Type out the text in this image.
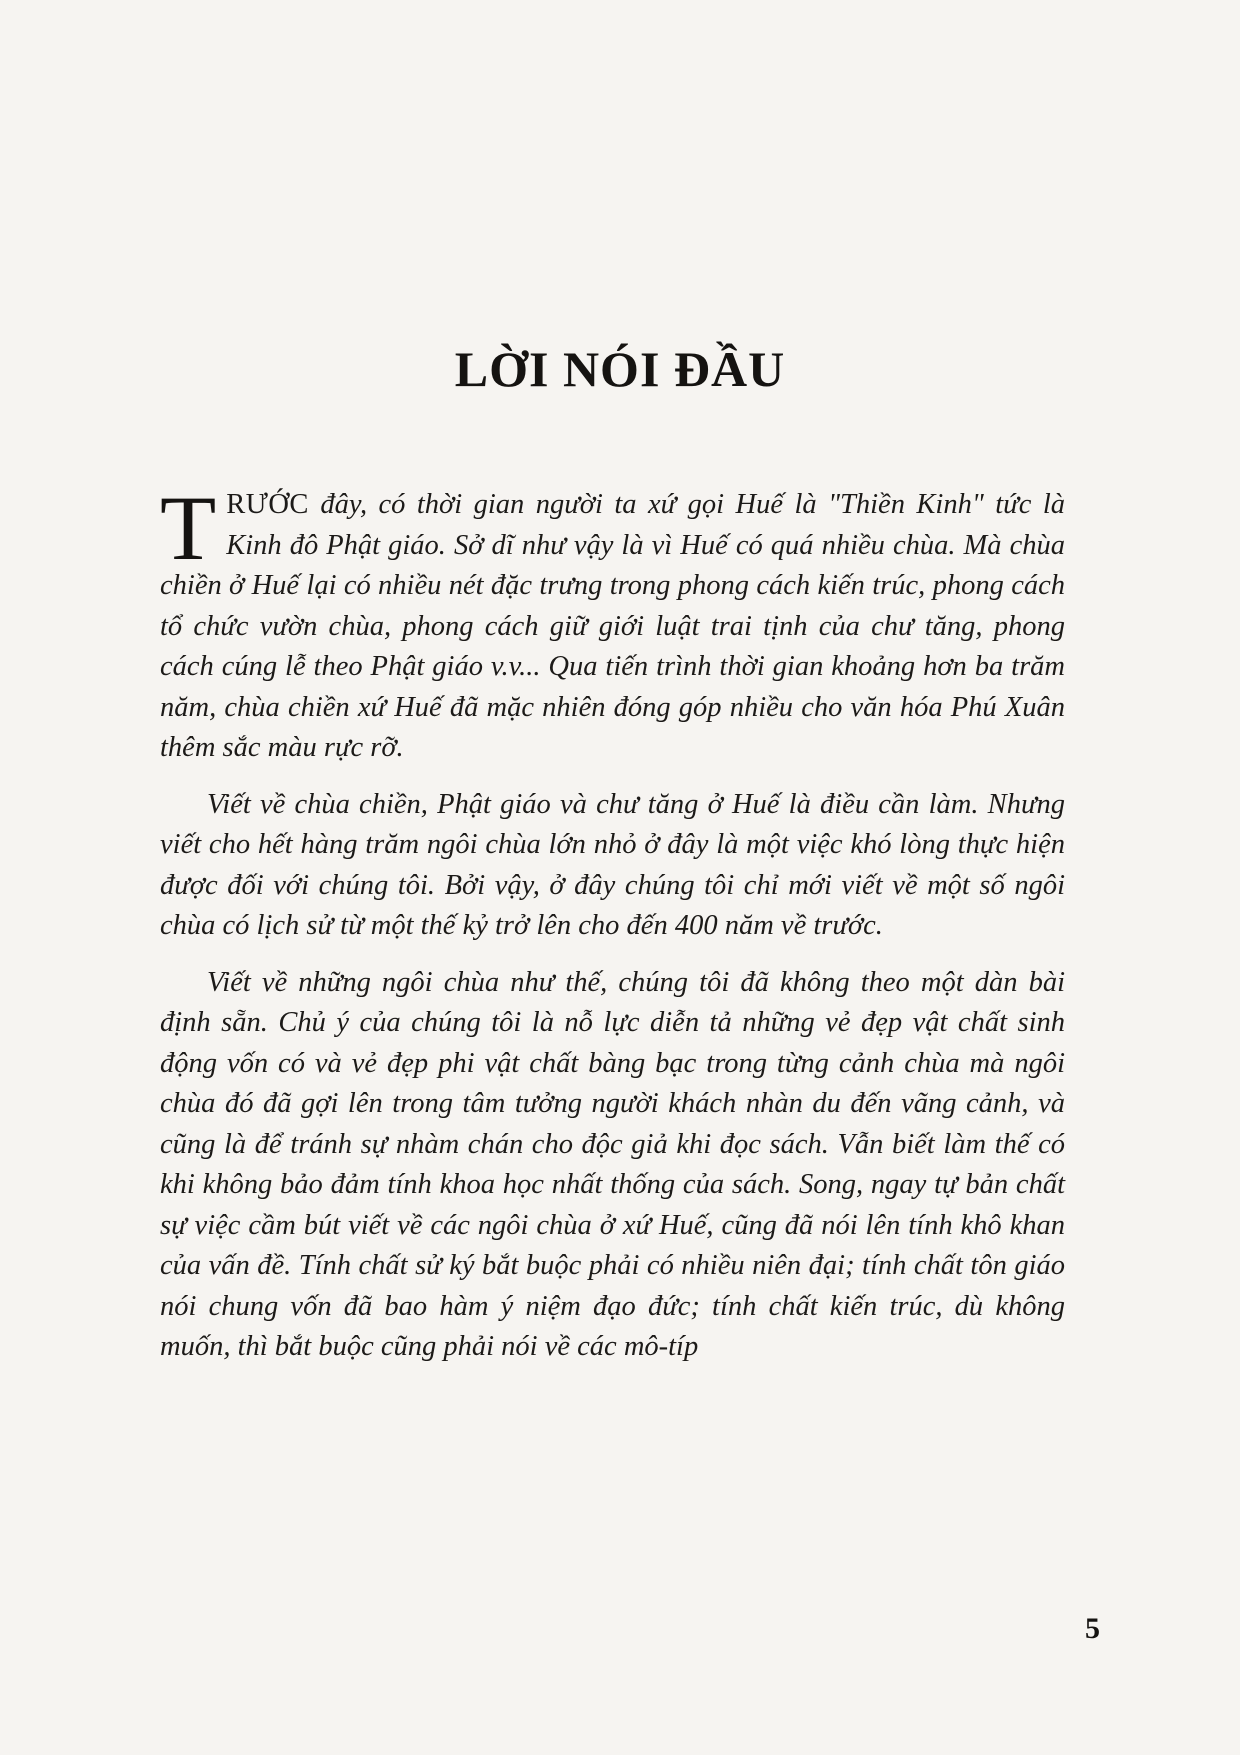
LỜI NÓI ĐẦU

TRƯỚC đây, có thời gian người ta xứ gọi Huế là "Thiền Kinh" tức là Kinh đô Phật giáo. Sở dĩ như vậy là vì Huế có quá nhiều chùa. Mà chùa chiền ở Huế lại có nhiều nét đặc trưng trong phong cách kiến trúc, phong cách tổ chức vườn chùa, phong cách giữ giới luật trai tịnh của chư tăng, phong cách cúng lễ theo Phật giáo v.v... Qua tiến trình thời gian khoảng hơn ba trăm năm, chùa chiền xứ Huế đã mặc nhiên đóng góp nhiều cho văn hóa Phú Xuân thêm sắc màu rực rỡ.

Viết về chùa chiền, Phật giáo và chư tăng ở Huế là điều cần làm. Nhưng viết cho hết hàng trăm ngôi chùa lớn nhỏ ở đây là một việc khó lòng thực hiện được đối với chúng tôi. Bởi vậy, ở đây chúng tôi chỉ mới viết về một số ngôi chùa có lịch sử từ một thế kỷ trở lên cho đến 400 năm về trước.

Viết về những ngôi chùa như thế, chúng tôi đã không theo một dàn bài định sẵn. Chủ ý của chúng tôi là nỗ lực diễn tả những vẻ đẹp vật chất sinh động vốn có và vẻ đẹp phi vật chất bàng bạc trong từng cảnh chùa mà ngôi chùa đó đã gợi lên trong tâm tưởng người khách nhàn du đến vãng cảnh, và cũng là để tránh sự nhàm chán cho độc giả khi đọc sách. Vẫn biết làm thế có khi không bảo đảm tính khoa học nhất thống của sách. Song, ngay tự bản chất sự việc cầm bút viết về các ngôi chùa ở xứ Huế, cũng đã nói lên tính khô khan của vấn đề. Tính chất sử ký bắt buộc phải có nhiều niên đại; tính chất tôn giáo nói chung vốn đã bao hàm ý niệm đạo đức; tính chất kiến trúc, dù không muốn, thì bắt buộc cũng phải nói về các mô-típ

5
